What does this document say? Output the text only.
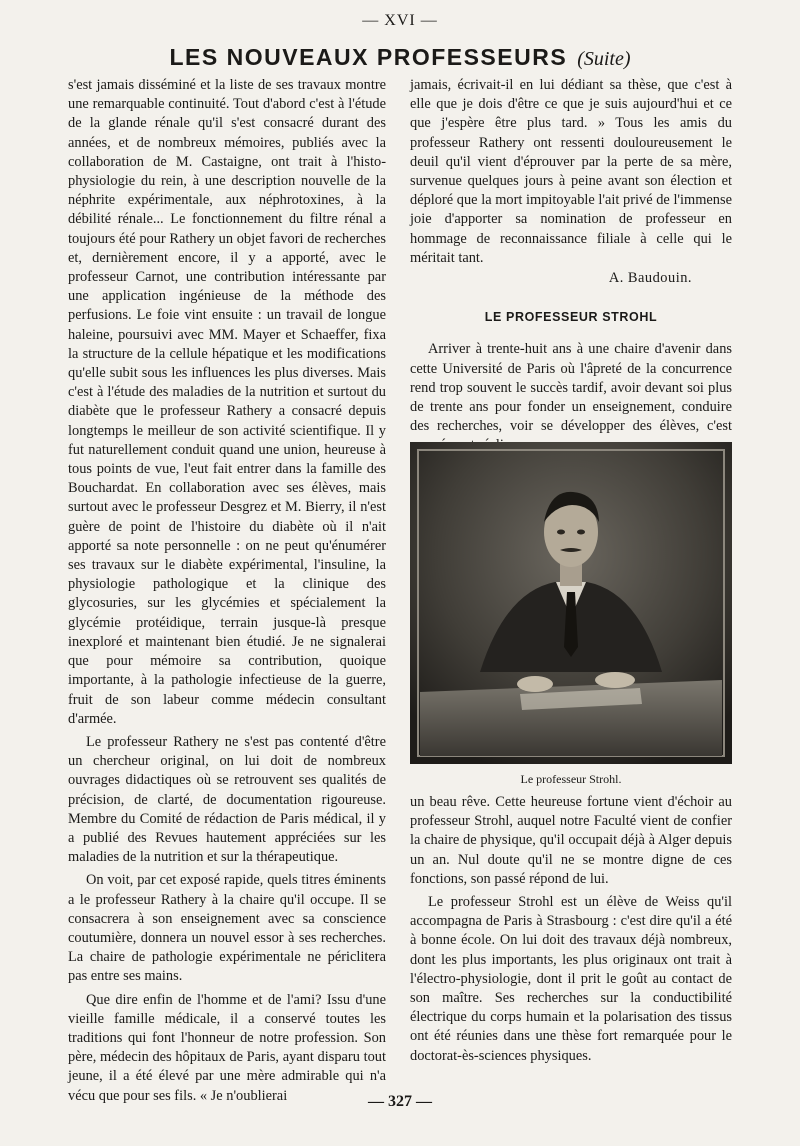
— XVI —
LES NOUVEAUX PROFESSEURS (Suite)

s'est jamais disséminé et la liste de ses travaux montre une remarquable continuité. Tout d'abord c'est à l'étude de la glande rénale qu'il s'est consacré durant des années, et de nombreux mémoires, publiés avec la collaboration de M. Castaigne, ont trait à l'histo-physiologie du rein, à une description nouvelle de la néphrite expérimentale, aux néphrotoxines, à la débilité rénale... Le fonctionnement du filtre rénal a toujours été pour Rathery un objet favori de recherches et, dernièrement encore, il y a apporté, avec le professeur Carnot, une contribution intéressante par une application ingénieuse de la méthode des perfusions. Le foie vint ensuite : un travail de longue haleine, poursuivi avec MM. Mayer et Schaeffer, fixa la structure de la cellule hépatique et les modifications qu'elle subit sous les influences les plus diverses. Mais c'est à l'étude des maladies de la nutrition et surtout du diabète que le professeur Rathery a consacré depuis longtemps le meilleur de son activité scientifique. Il y fut naturellement conduit quand une union, heureuse à tous points de vue, l'eut fait entrer dans la famille des Bouchardat. En collaboration avec ses élèves, mais surtout avec le professeur Desgrez et M. Bierry, il n'est guère de point de l'histoire du diabète où il n'ait apporté sa note personnelle : on ne peut qu'énumérer ses travaux sur le diabète expérimental, l'insuline, la physiologie pathologique et la clinique des glycosuries, sur les glycémies et spécialement la glycémie protéidique, terrain jusque-là presque inexploré et maintenant bien étudié. Je ne signalerai que pour mémoire sa contribution, quoique importante, à la pathologie infectieuse de la guerre, fruit de son labeur comme médecin consultant d'armée.

Le professeur Rathery ne s'est pas contenté d'être un chercheur original, on lui doit de nombreux ouvrages didactiques où se retrouvent ses qualités de précision, de clarté, de documentation rigoureuse. Membre du Comité de rédaction de Paris médical, il y a publié des Revues hautement appréciées sur les maladies de la nutrition et sur la thérapeutique.

On voit, par cet exposé rapide, quels titres éminents a le professeur Rathery à la chaire qu'il occupe. Il se consacrera à son enseignement avec sa conscience coutumière, donnera un nouvel essor à ses recherches. La chaire de pathologie expérimentale ne périclitera pas entre ses mains.

Que dire enfin de l'homme et de l'ami? Issu d'une vieille famille médicale, il a conservé toutes les traditions qui font l'honneur de notre profession. Son père, médecin des hôpitaux de Paris, ayant disparu tout jeune, il a été élevé par une mère admirable qui n'a vécu que pour ses fils. « Je n'oublierai

jamais, écrivait-il en lui dédiant sa thèse, que c'est à elle que je dois d'être ce que je suis aujourd'hui et ce que j'espère être plus tard. » Tous les amis du professeur Rathery ont ressenti douloureusement le deuil qu'il vient d'éprouver par la perte de sa mère, survenue quelques jours à peine avant son élection et déploré que la mort impitoyable l'ait privé de l'immense joie d'apporter sa nomination de professeur en hommage de reconnaissance filiale à celle qui le méritait tant.

A. Baudouin.
LE PROFESSEUR STROHL

Arriver à trente-huit ans à une chaire d'avenir dans cette Université de Paris où l'âpreté de la concurrence rend trop souvent le succès tardif, avoir devant soi plus de trente ans pour fonder un enseignement, conduire des recherches, voir se développer des élèves, c'est

Le professeur Strohl.

un beau rêve. Cette heureuse fortune vient d'échoir au professeur Strohl, auquel notre Faculté vient de confier la chaire de physique, qu'il occupait déjà à Alger depuis un an. Nul doute qu'il ne se montre digne de ces fonctions, son passé répond de lui.

Le professeur Strohl est un élève de Weiss qu'il accompagna de Paris à Strasbourg : c'est dire qu'il a été à bonne école. On lui doit des travaux déjà nombreux, dont les plus importants, les plus originaux ont trait à l'électro-physiologie, dont il prit le goût au contact de son maître. Ses recherches sur la conductibilité électrique du corps humain et la polarisation des tissus ont été réunies dans une thèse fort remarquée pour le doctorat-ès-sciences physiques.

— 327 —
